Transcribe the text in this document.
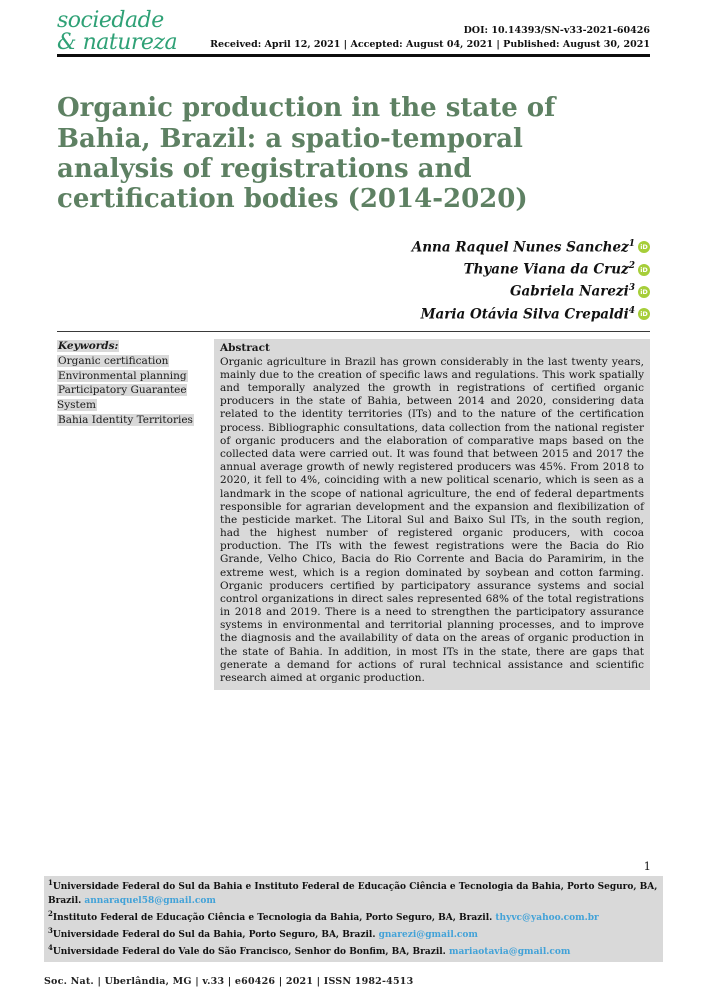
sociedade
& natureza	DOI: 10.14393/SN-v33-2021-60426
Received: April 12, 2021 | Accepted: August 04, 2021 | Published: August 30, 2021
Organic production in the state of Bahia, Brazil: a spatio-temporal analysis of registrations and certification bodies (2014-2020)
Anna Raquel Nunes Sanchez$^1$ iD
Thyane Viana da Cruz$^2$ iD
Gabriela Narezi$^3$ iD
Maria Otávia Silva Crepaldi$^4$ iD
Keywords:
Organic certification
Environmental planning
Participatory Guarantee System
Bahia Identity Territories
Abstract
Organic agriculture in Brazil has grown considerably in the last twenty years, mainly due to the creation of specific laws and regulations. This work spatially and temporally analyzed the growth in registrations of certified organic producers in the state of Bahia, between 2014 and 2020, considering data related to the identity territories (ITs) and to the nature of the certification process. Bibliographic consultations, data collection from the national register of organic producers and the elaboration of comparative maps based on the collected data were carried out. It was found that between 2015 and 2017 the annual average growth of newly registered producers was 45%. From 2018 to 2020, it fell to 4%, coinciding with a new political scenario, which is seen as a landmark in the scope of national agriculture, the end of federal departments responsible for agrarian development and the expansion and flexibilization of the pesticide market. The Litoral Sul and Baixo Sul ITs, in the south region, had the highest number of registered organic producers, with cocoa production. The ITs with the fewest registrations were the Bacia do Rio Grande, Velho Chico, Bacia do Rio Corrente and Bacia do Paramirim, in the extreme west, which is a region dominated by soybean and cotton farming. Organic producers certified by participatory assurance systems and social control organizations in direct sales represented 68% of the total registrations in 2018 and 2019. There is a need to strengthen the participatory assurance systems in environmental and territorial planning processes, and to improve the diagnosis and the availability of data on the areas of organic production in the state of Bahia. In addition, in most ITs in the state, there are gaps that generate a demand for actions of rural technical assistance and scientific research aimed at organic production.
1
$^1$Universidade Federal do Sul da Bahia e Instituto Federal de Educação Ciência e Tecnologia da Bahia, Porto Seguro, BA, Brazil. annaraquel58@gmail.com
$^2$Instituto Federal de Educação Ciência e Tecnologia da Bahia, Porto Seguro, BA, Brazil. thyvc@yahoo.com.br
$^3$Universidade Federal do Sul da Bahia, Porto Seguro, BA, Brazil. gnarezi@gmail.com
$^4$Universidade Federal do Vale do São Francisco, Senhor do Bonfim, BA, Brazil. mariaotavia@gmail.com
Soc. Nat. | Uberlândia, MG | v.33 | e60426 | 2021 | ISSN 1982-4513
